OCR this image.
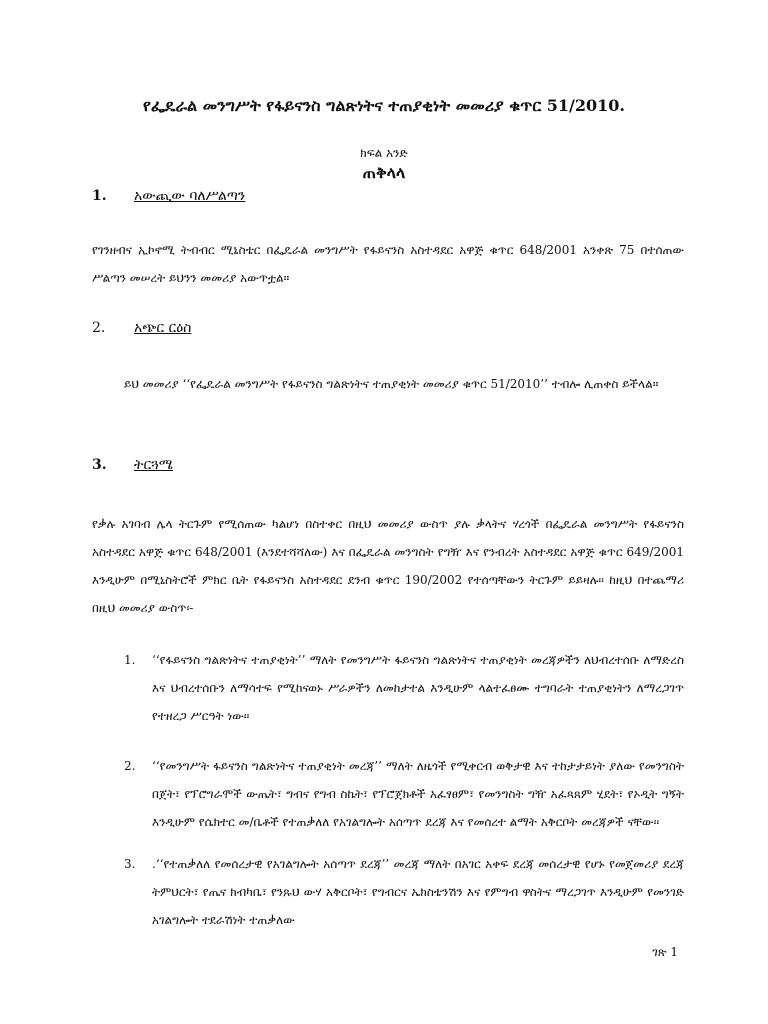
የፌዴራል መንግሥት የፋይናንስ ግልጽነትና ተጠያቂነት መመሪያ ቁጥር 51/2010.
ክፍል አንድ
ጠቅላላ
1. አውጪው ባለሥልጣን
የገንዘብና ኢኮኖሚ ትብብር ሚኒስቴር በፌዴራል መንግሥት የፋይናንስ አስተዳደር አዋጅ ቁጥር 648/2001 አንቀጽ 75 በተሰጠው ሥልጣን መሠረት ይህንን መመሪያ አውጥቷል።
2. አጭር ርዕስ
ይህ መመሪያ ‘‘የፌዴራል መንግሥት የፋይናንስ ግልጽነትና ተጠያቂነት መመሪያ ቁጥር 51/2010’’ ተብሎ ሊጠቀስ ይችላል።
3. ትርጓሜ
የቃሉ አገባብ ሌላ ትርጉም የሚሰጠው ካልሆነ በስተቀር በዚህ መመሪያ ውስጥ ያሉ ቃላትና ሃረጎች በፌዴራል መንግሥት የፋይናንስ አስተዳደር አዋጅ ቁጥር 648/2001 (እንደተሻሻለው) እና በፌዴራል መንግስት የግዥ እና የንብረት አስተዳደር አዋጅ ቁጥር 649/2001 እንዲሁም በሚኒስትሮች ምክር ቤት የፋይናንስ አስተዳደር ደንብ ቁጥር 190/2002 የተሰጣቸውን ትርጉም ይይዛሉ፡፡ ከዚህ በተጨማሪ በዚህ መመሪያ ውስጥ፡-
1.	‘‘የፋይናንስ ግልጽነትና ተጠያቂነት’’ ማለት የመንግሥት ፋይናንስ ግልጽነትና ተጠያቂነት መረጃዎችን ለህብረተሰቡ ለማድረስ እና ህብረተሰቡን ለማሳተፍ የሚከናወኑ ሥራዎችን ለመከታተል እንዲሁም ላልተፈፀሙ ተግባራት ተጠያቂነትን ለማረጋገጥ የተዘረጋ ሥርዓት ነው፡፡
2.	‘‘የመንግሥት ፋይናንስ ግልጽነትና ተጠያቂነት መረጃ’’ ማለት ለዜጎች የሚቀርብ ወቅታዊ እና ተከታታይነት ያለው የመንግስት በጀት፣ የፕሮግራሞች ውጤት፣ ግብና የግብ ስኬት፣ የፕሮጀክቶች አፈፃፀም፣ የመንግስት ግዥ አፈጻጸም ሂደት፣ የኦዲት ግኝት እንዲሁም የሴክተር መ/ቤቶች የተጠቃለለ የአገልግሎት አሰጣጥ ደረጃ እና የመሰረተ ልማት አቅርቦት መረጃዎች ናቸው፡፡
3.	.‘‘የተጠቃለለ የመሰረታዊ የአገልግሎት አሰጣጥ ደረጃ’’ መረጃ ማለት በአገር አቀፍ ደረጃ መሰረታዊ የሆኑ የመጀመሪያ ደረጃ ትምህርት፣ የጤና ክብካቤ፣ የንጹህ ውሃ አቅርቦት፣ የግብርና ኤክስቴንሽን እና የምግብ ዋስትና ማረጋገጥ እንዲሁም የመንገድ አገልግሎት ተደራሽነት ተጠቃለው
ገጽ 1
